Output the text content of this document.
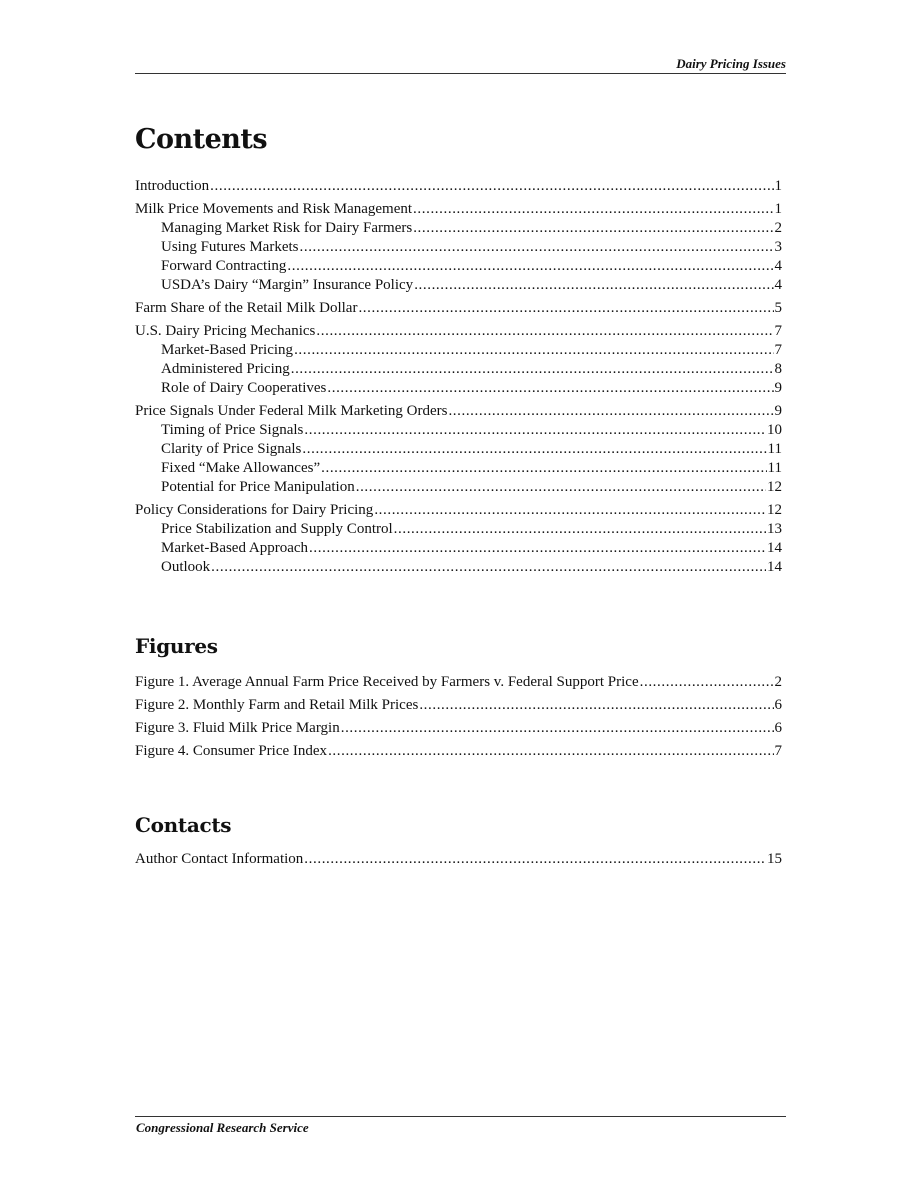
Dairy Pricing Issues
Contents
Introduction .....	1
Milk Price Movements and Risk Management .....	1
Managing Market Risk for Dairy Farmers .....	2
Using Futures Markets .....	3
Forward Contracting .....	4
USDA’s Dairy “Margin” Insurance Policy .....	4
Farm Share of the Retail Milk Dollar .....	5
U.S. Dairy Pricing Mechanics .....	7
Market-Based Pricing .....	7
Administered Pricing .....	8
Role of Dairy Cooperatives .....	9
Price Signals Under Federal Milk Marketing Orders .....	9
Timing of Price Signals .....	10
Clarity of Price Signals .....	11
Fixed “Make Allowances” .....	11
Potential for Price Manipulation .....	12
Policy Considerations for Dairy Pricing .....	12
Price Stabilization and Supply Control .....	13
Market-Based Approach .....	14
Outlook .....	14
Figures
Figure 1. Average Annual Farm Price Received by Farmers v. Federal Support Price .....	2
Figure 2. Monthly Farm and Retail Milk Prices .....	6
Figure 3. Fluid Milk Price Margin .....	6
Figure 4. Consumer Price Index .....	7
Contacts
Author Contact Information .....	15
Congressional Research Service
